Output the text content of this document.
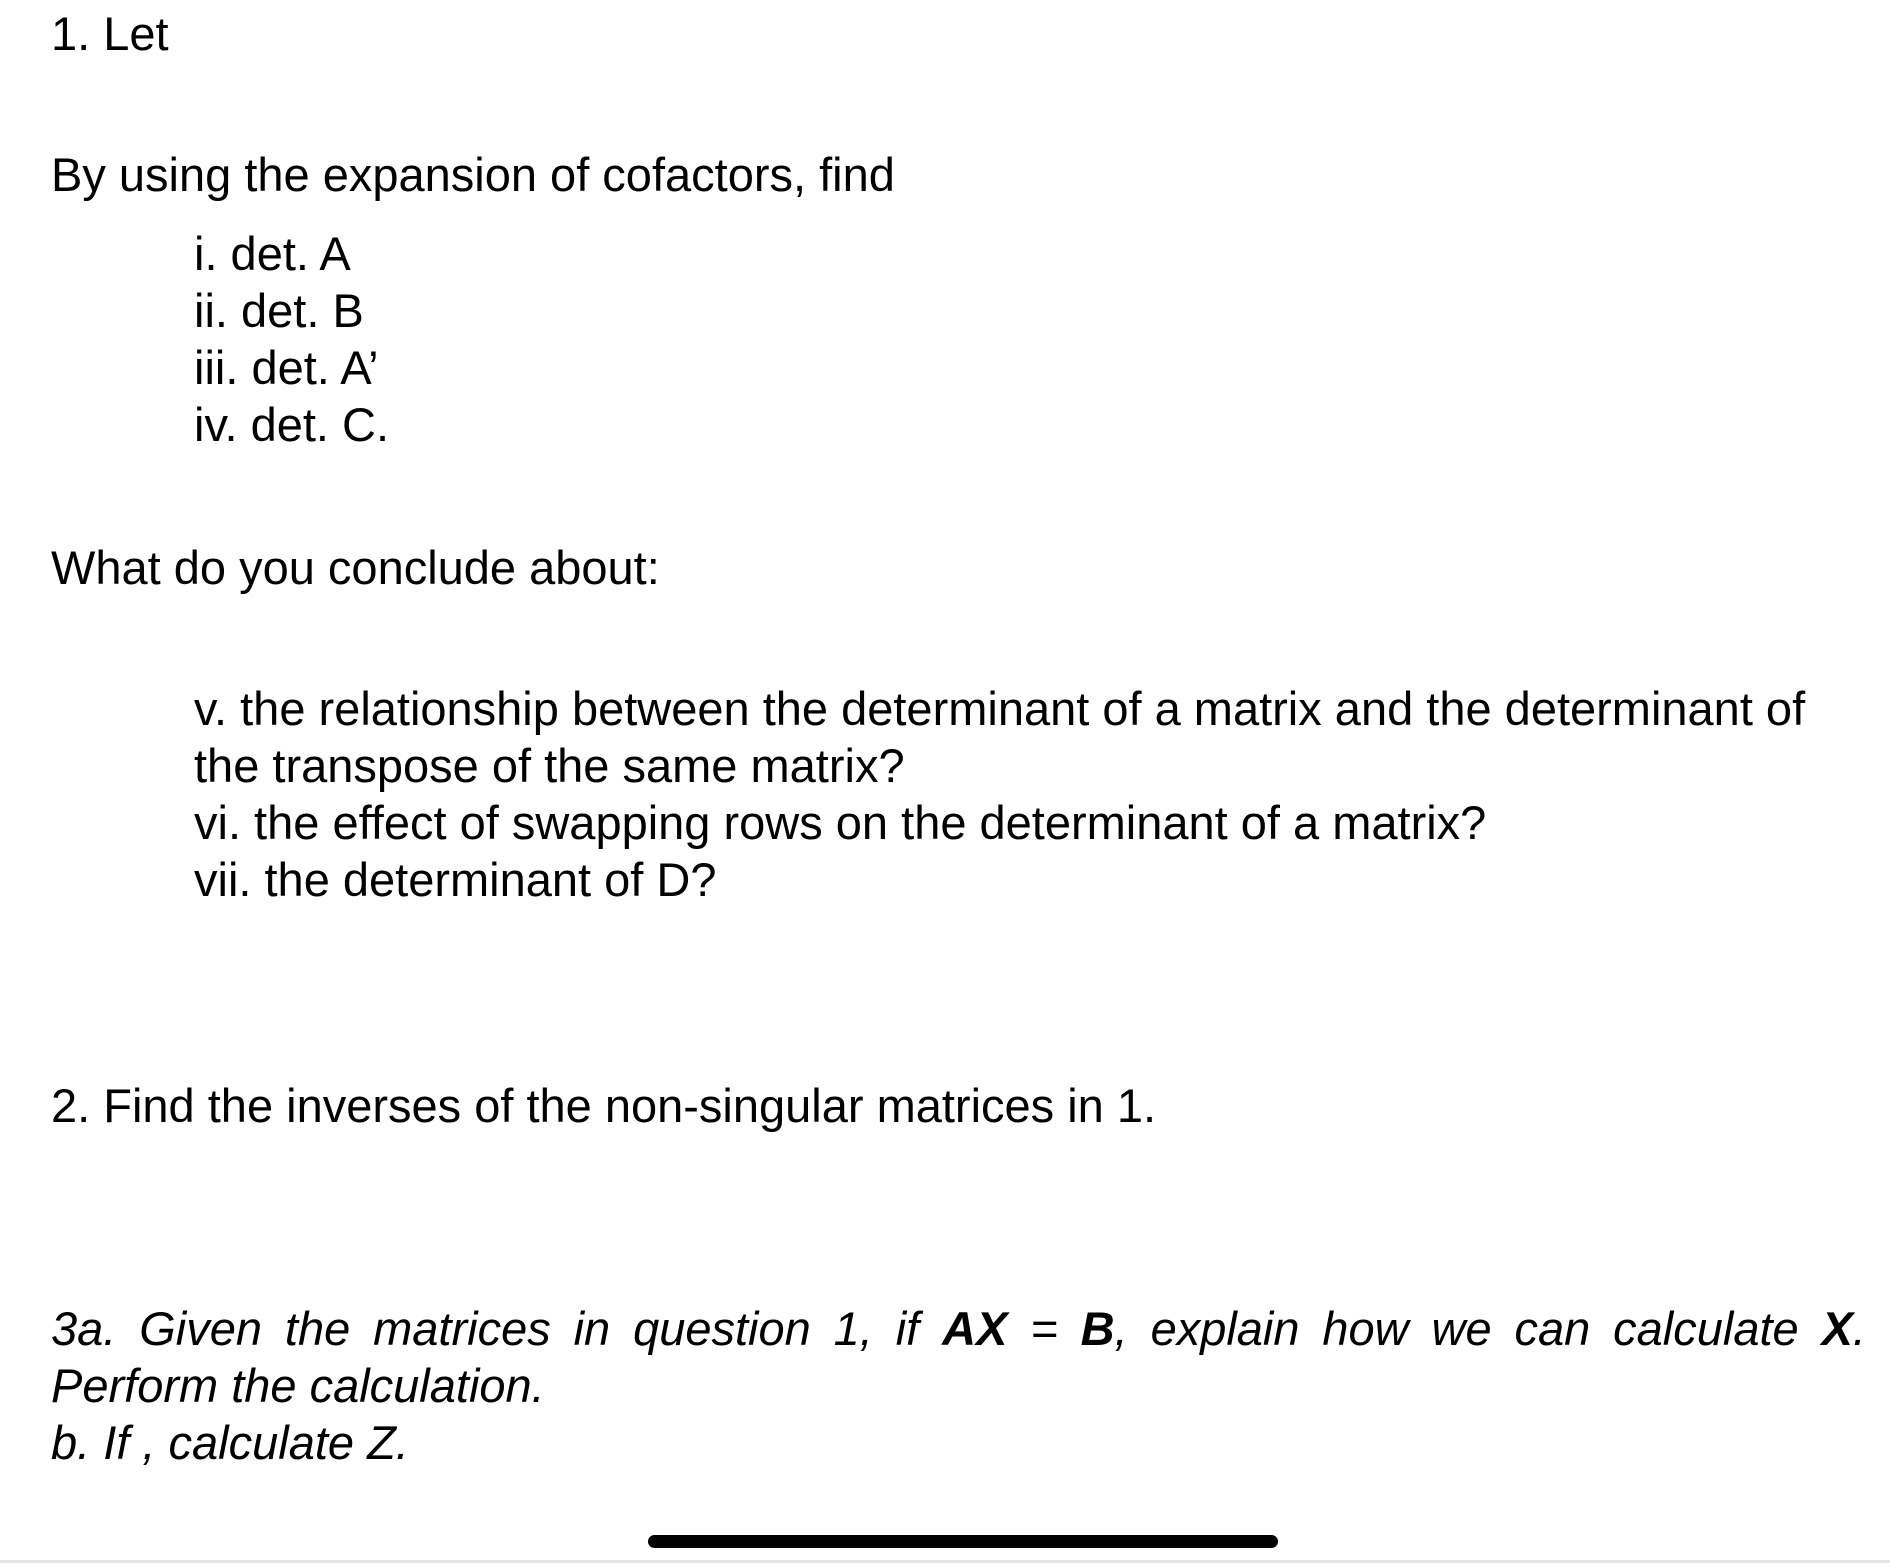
1. Let
By using the expansion of cofactors, find
i. det. A
ii. det. B
iii. det. A’
iv. det. C.
What do you conclude about:
v. the relationship between the determinant of a matrix and the determinant of
the transpose of the same matrix?
vi. the effect of swapping rows on the determinant of a matrix?
vii. the determinant of D?
2. Find the inverses of the non-singular matrices in 1.
3a. Given the matrices in question 1, if AX = B, explain how we can calculate X.
Perform the calculation.
b. If , calculate Z.
